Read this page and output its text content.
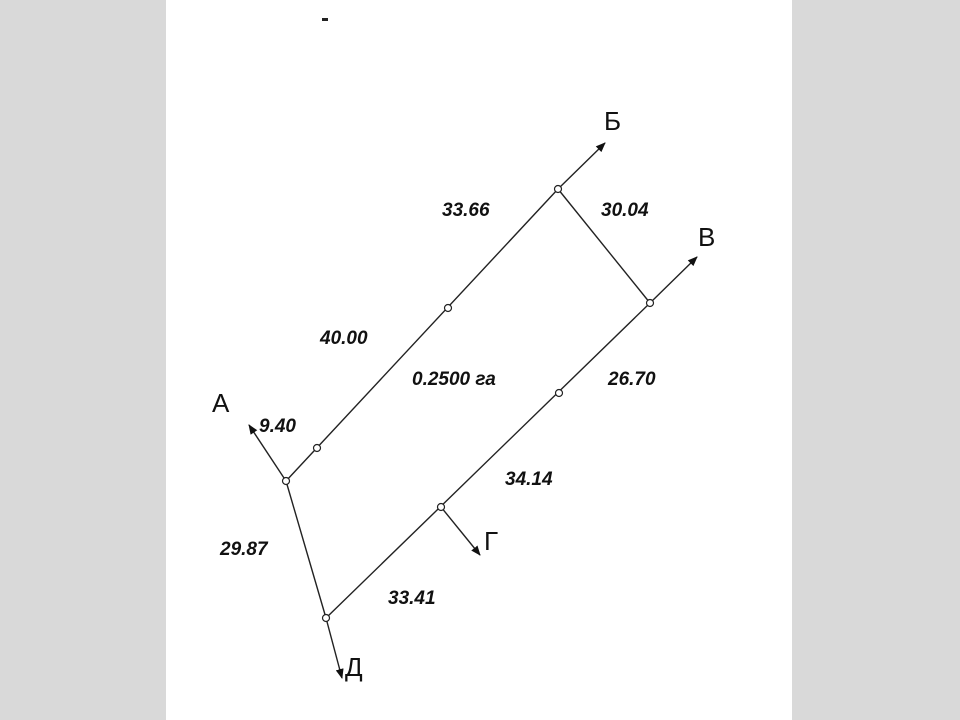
А
Б
В
Г
Д
9.40
40.00
33.66	30.04
26.70
34.14
33.41
29.87
0.2500 га
